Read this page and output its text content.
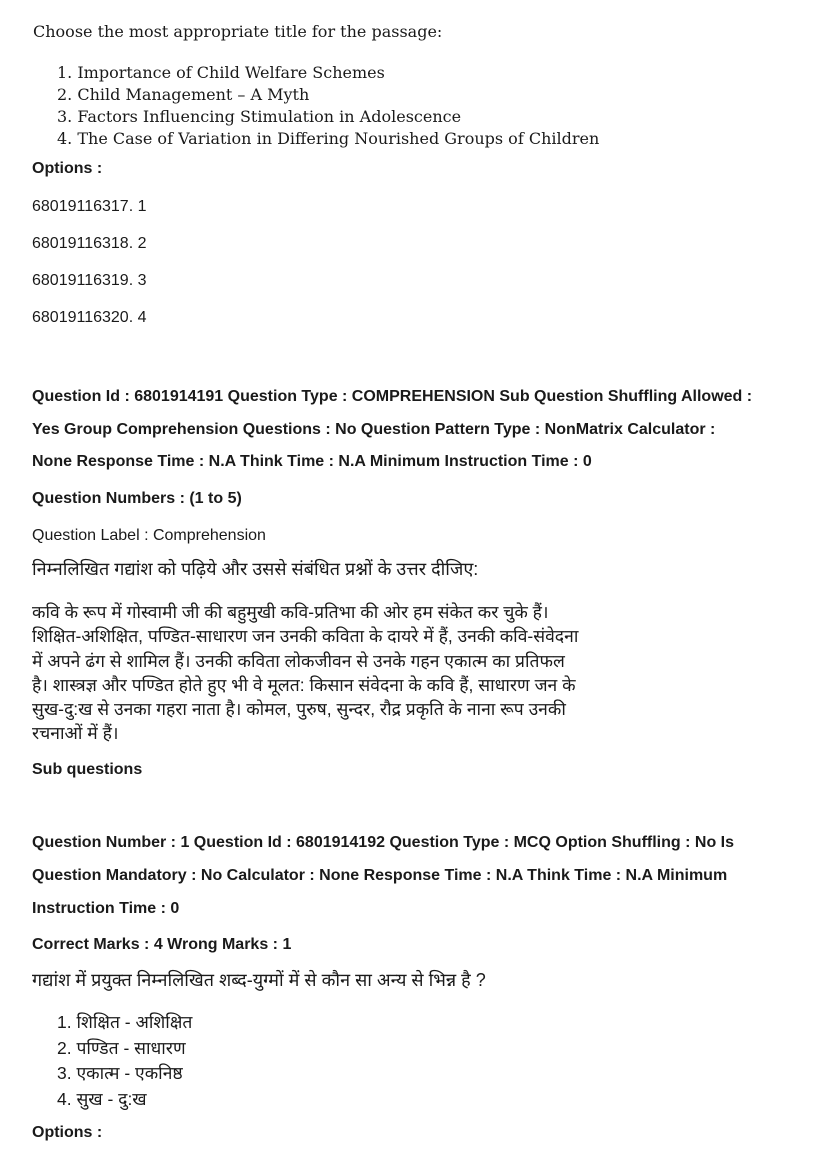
Choose the most appropriate title for the passage:
1. Importance of Child Welfare Schemes
2. Child Management – A Myth
3. Factors Influencing Stimulation in Adolescence
4. The Case of Variation in Differing Nourished Groups of Children
Options :
68019116317. 1
68019116318. 2
68019116319. 3
68019116320. 4
Question Id : 6801914191 Question Type : COMPREHENSION Sub Question Shuffling Allowed :
Yes Group Comprehension Questions : No Question Pattern Type : NonMatrix Calculator :
None Response Time : N.A Think Time : N.A Minimum Instruction Time : 0
Question Numbers : (1 to 5)
Question Label : Comprehension
निम्नलिखित गद्यांश को पढ़िये और उससे संबंधित प्रश्नों के उत्तर दीजिए:
कवि के रूप में गोस्वामी जी की बहुमुखी कवि-प्रतिभा की ओर हम संकेत कर चुके हैं।
शिक्षित-अशिक्षित, पण्डित-साधारण जन उनकी कविता के दायरे में हैं, उनकी कवि-संवेदना
में अपने ढंग से शामिल हैं। उनकी कविता लोकजीवन से उनके गहन एकात्म का प्रतिफल
है। शास्त्रज्ञ और पण्डित होते हुए भी वे मूलत: किसान संवेदना के कवि हैं, साधारण जन के
सुख-दु:ख से उनका गहरा नाता है। कोमल, पुरुष, सुन्दर, रौद्र प्रकृति के नाना रूप उनकी
रचनाओं में हैं।
Sub questions
Question Number : 1 Question Id : 6801914192 Question Type : MCQ Option Shuffling : No Is
Question Mandatory : No Calculator : None Response Time : N.A Think Time : N.A Minimum
Instruction Time : 0
Correct Marks : 4 Wrong Marks : 1
गद्यांश में प्रयुक्त निम्नलिखित शब्द-युग्मों में से कौन सा अन्य से भिन्न है ?
1. शिक्षित - अशिक्षित
2. पण्डित - साधारण
3. एकात्म - एकनिष्ठ
4. सुख - दु:ख
Options :
